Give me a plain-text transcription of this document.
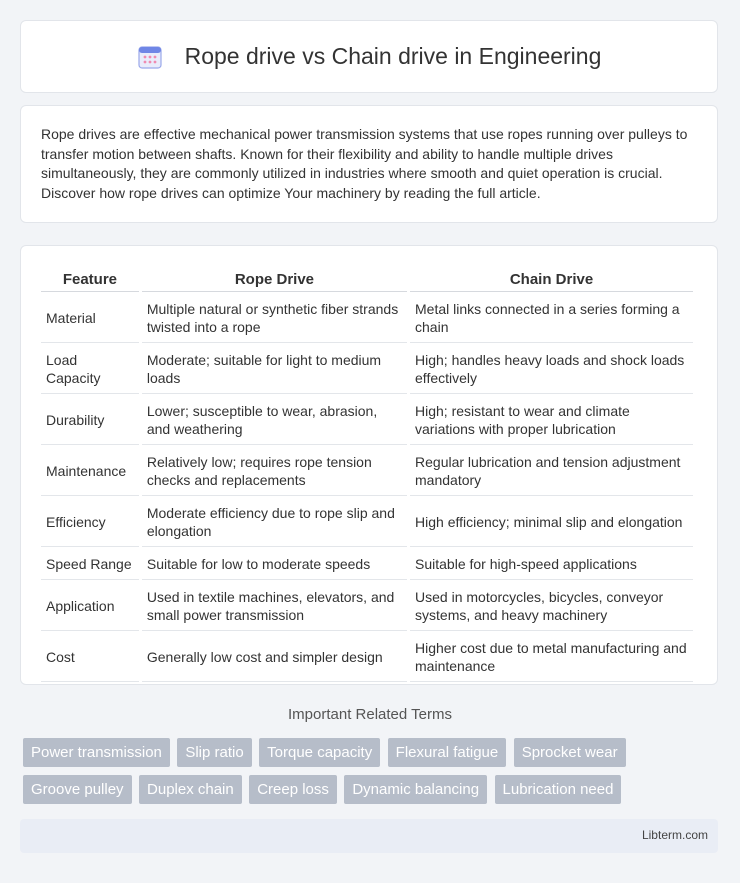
Rope drive vs Chain drive in Engineering

Rope drives are effective mechanical power transmission systems that use ropes running over pulleys to transfer motion between shafts. Known for their flexibility and ability to handle multiple drives simultaneously, they are commonly utilized in industries where smooth and quiet operation is crucial. Discover how rope drives can optimize Your machinery by reading the full article.

Feature	Rope Drive	Chain Drive
Material	Multiple natural or synthetic fiber strands twisted into a rope	Metal links connected in a series forming a chain
Load Capacity	Moderate; suitable for light to medium loads	High; handles heavy loads and shock loads effectively
Durability	Lower; susceptible to wear, abrasion, and weathering	High; resistant to wear and climate variations with proper lubrication
Maintenance	Relatively low; requires rope tension checks and replacements	Regular lubrication and tension adjustment mandatory
Efficiency	Moderate efficiency due to rope slip and elongation	High efficiency; minimal slip and elongation
Speed Range	Suitable for low to moderate speeds	Suitable for high-speed applications
Application	Used in textile machines, elevators, and small power transmission	Used in motorcycles, bicycles, conveyor systems, and heavy machinery
Cost	Generally low cost and simpler design	Higher cost due to metal manufacturing and maintenance
Important Related Terms
Power transmission Slip ratio Torque capacity Flexural fatigue Sprocket wear Groove pulley Duplex chain Creep loss Dynamic balancing Lubrication need
Libterm.com
